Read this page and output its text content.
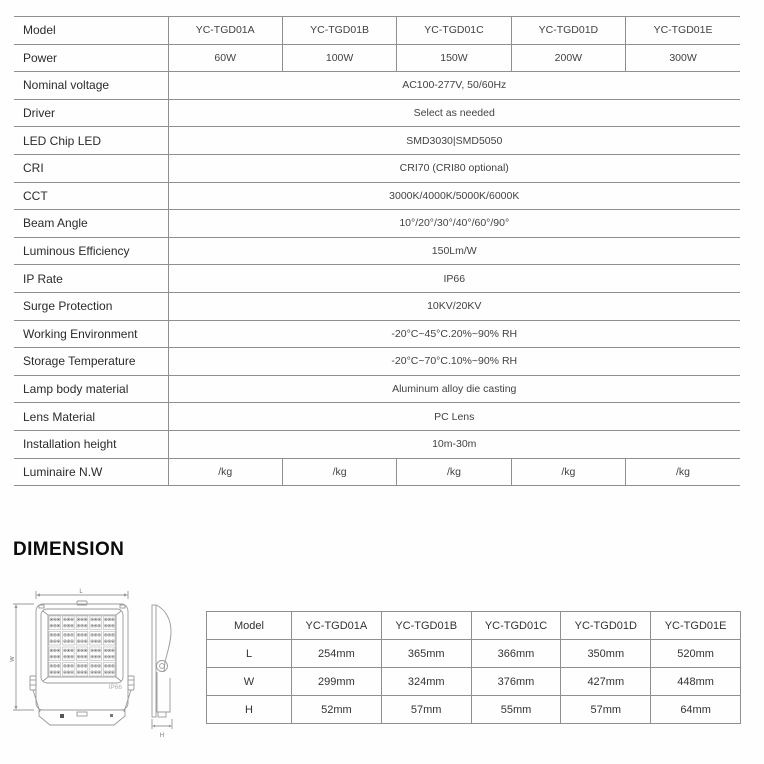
Model	YC-TGD01A	YC-TGD01B	YC-TGD01C	YC-TGD01D	YC-TGD01E
Power	60W	100W	150W	200W	300W
Nominal voltage	AC100-277V, 50/60Hz				
Driver	Select as needed				
LED Chip LED	SMD3030|SMD5050				
CRI	CRI70 (CRI80 optional)				
CCT	3000K/4000K/5000K/6000K				
Beam Angle	10°/20°/30°/40°/60°/90°				
Luminous Efficiency	150Lm/W				
IP Rate	IP66				
Surge Protection	10KV/20KV				
Working Environment	-20°C~45°C.20%~90% RH				
Storage Temperature	-20°C~70°C.10%~90% RH				
Lamp body material	Aluminum alloy die casting				
Lens Material	PC Lens				
Installation height	10m-30m				
Luminaire N.W	/kg	/kg	/kg	/kg	/kg
DIMENSION
L
W
H
IP66
Model	YC-TGD01A	YC-TGD01B	YC-TGD01C	YC-TGD01D	YC-TGD01E
L	254mm	365mm	366mm	350mm	520mm
W	299mm	324mm	376mm	427mm	448mm
H	52mm	57mm	55mm	57mm	64mm
